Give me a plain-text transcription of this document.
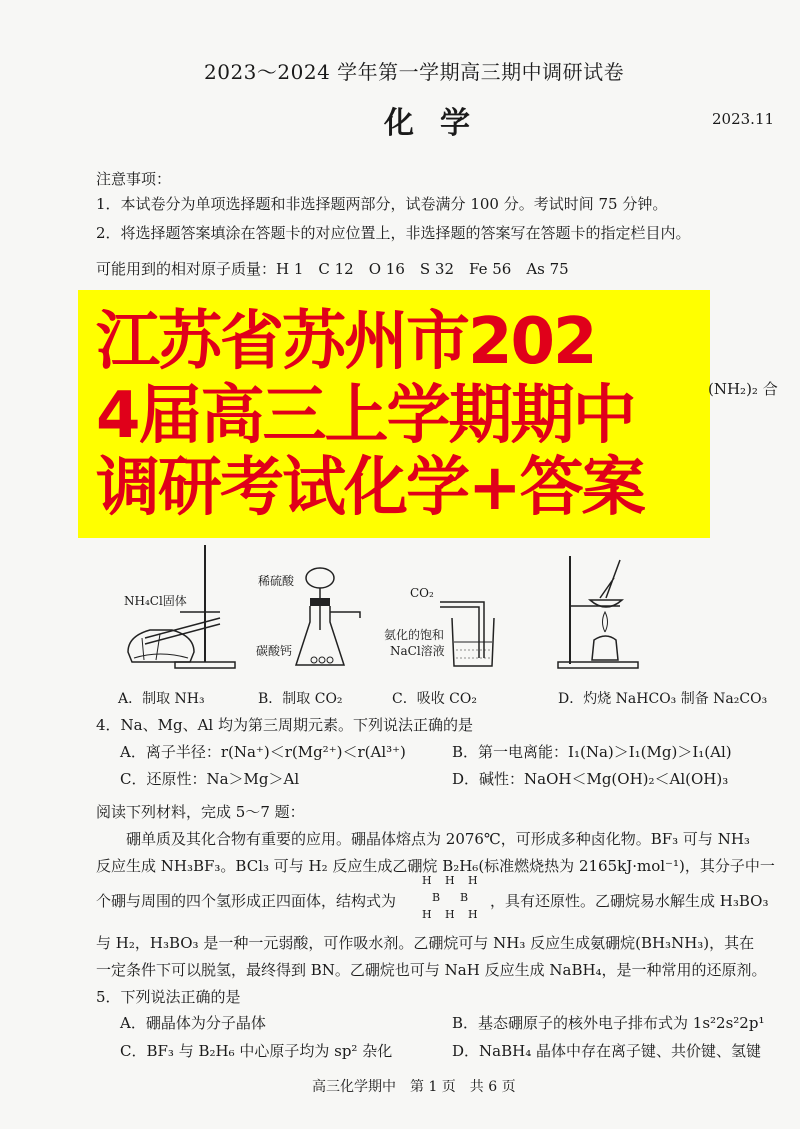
2023～2024 学年第一学期高三期中调研试卷
化学	2023.11
注意事项：
1．本试卷分为单项选择题和非选择题两部分，试卷满分 100 分。考试时间 75 分钟。
2．将选择题答案填涂在答题卡的对应位置上，非选择题的答案写在答题卡的指定栏目内。
可能用到的相对原子质量：H 1　C 12　O 16　S 32　Fe 56　As 75
江苏省苏州市202
4届高三上学期期中
调研考试化学+答案
(NH₂)₂ 合
NH₄Cl固体
稀硫酸
碳酸钙
CO₂
氨化的饱和
NaCl溶液
A．制取 NH₃	B．制取 CO₂	C．吸收 CO₂	D．灼烧 NaHCO₃ 制备 Na₂CO₃
4．Na、Mg、Al 均为第三周期元素。下列说法正确的是
A．离子半径：r(Na⁺)＜r(Mg²⁺)＜r(Al³⁺)	B．第一电离能：I₁(Na)＞I₁(Mg)＞I₁(Al)
C．还原性：Na＞Mg＞Al	D．碱性：NaOH＜Mg(OH)₂＜Al(OH)₃
阅读下列材料，完成 5～7 题：
硼单质及其化合物有重要的应用。硼晶体熔点为 2076℃，可形成多种卤化物。BF₃ 可与 NH₃
反应生成 NH₃BF₃。BCl₃ 可与 H₂ 反应生成乙硼烷 B₂H₆(标准燃烧热为 2165kJ·mol⁻¹)，其分子中一
个硼与周围的四个氢形成正四面体，结构式为
H H H
B B
H H H
，具有还原性。乙硼烷易水解生成 H₃BO₃
与 H₂，H₃BO₃ 是一种一元弱酸，可作吸水剂。乙硼烷可与 NH₃ 反应生成氨硼烷(BH₃NH₃)，其在
一定条件下可以脱氢，最终得到 BN。乙硼烷也可与 NaH 反应生成 NaBH₄，是一种常用的还原剂。
5．下列说法正确的是
A．硼晶体为分子晶体	B．基态硼原子的核外电子排布式为 1s²2s²2p¹
C．BF₃ 与 B₂H₆ 中心原子均为 sp² 杂化	D．NaBH₄ 晶体中存在离子键、共价键、氢键
高三化学期中　第 1 页　共 6 页
